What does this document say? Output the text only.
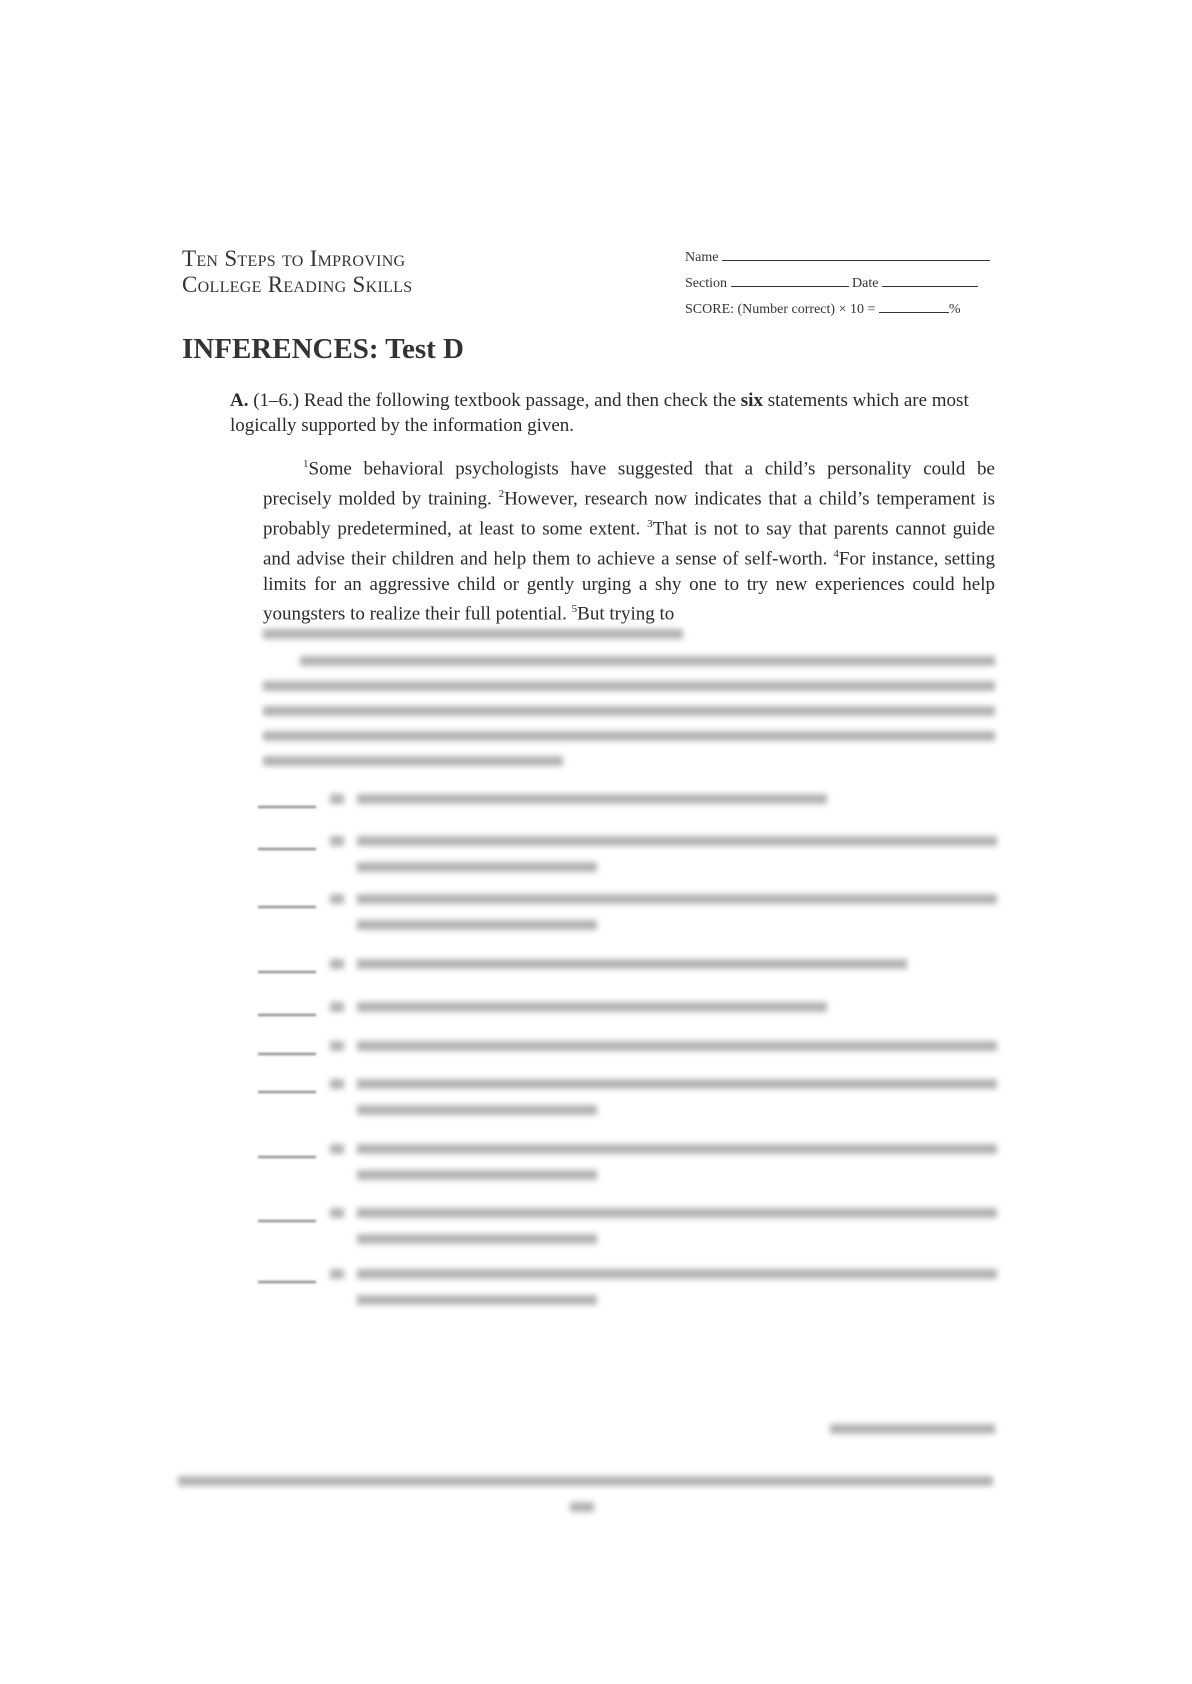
Ten Steps to Improving
College Reading Skills
Name
Section	Date
SCORE: (Number correct) × 10 =	%
INFERENCES: Test D
A. (1–6.) Read the following textbook passage, and then check the six statements which are most logically supported by the information given.

$^1$Some behavioral psychologists have suggested that a child’s personality could be precisely molded by training. $^2$However, research now indicates that a child’s temperament is probably predetermined, at least to some extent. $^3$That is not to say that parents cannot guide and advise their children and help them to achieve a sense of self-worth. $^4$For instance, setting limits for an aggressive child or gently urging a shy one to try new experiences could help youngsters to realize their full potential. $^5$But trying to
